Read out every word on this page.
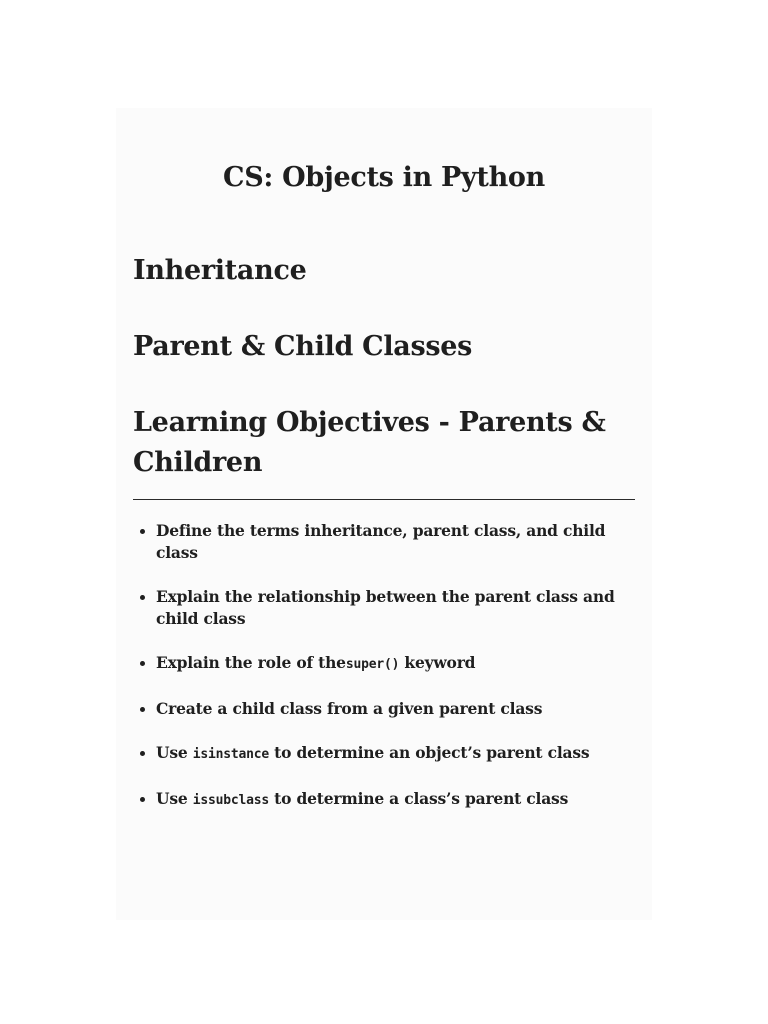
CS: Objects in Python
Inheritance
Parent & Child Classes
Learning Objectives - Parents & Children
Define the terms inheritance, parent class, and child class
Explain the relationship between the parent class and child class
Explain the role of thesuper() keyword
Create a child class from a given parent class
Use isinstance to determine an object’s parent class
Use issubclass to determine a class’s parent class
